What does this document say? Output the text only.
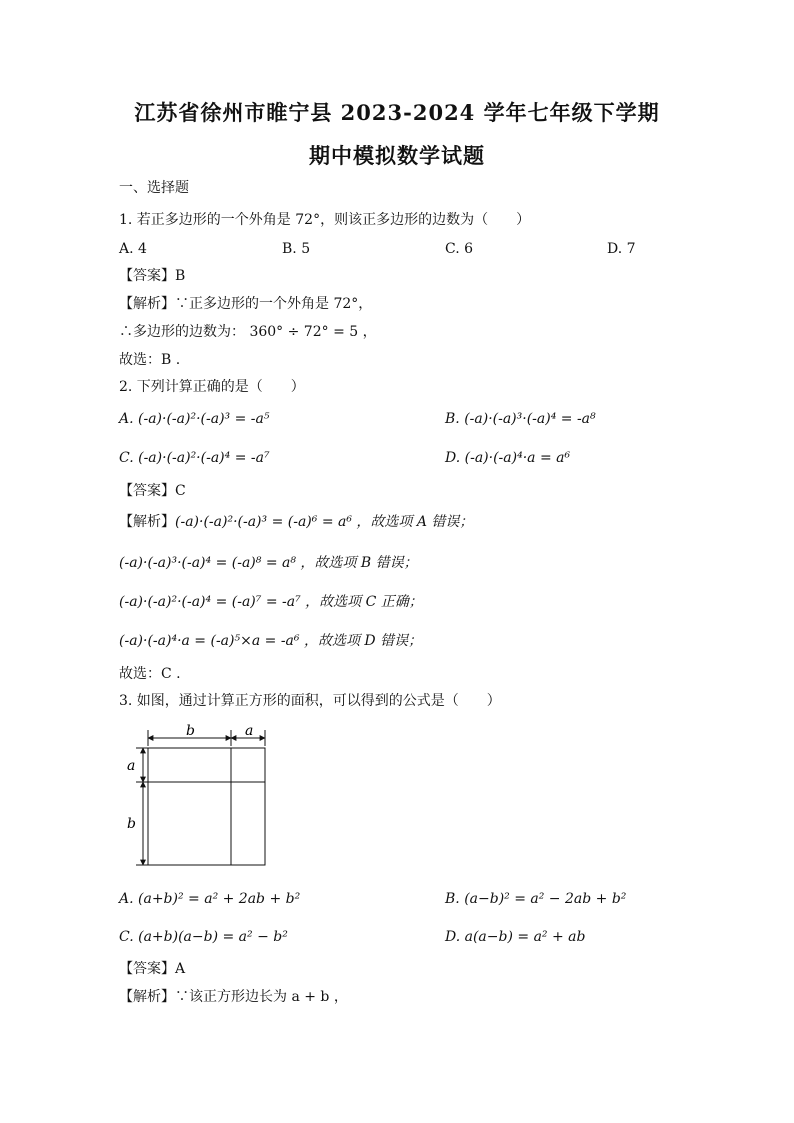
江苏省徐州市睢宁县 2023-2024 学年七年级下学期
期中模拟数学试题
一、选择题
1. 若正多边形的一个外角是 72°，则该正多边形的边数为（　　）
A. 4	B. 5	C. 6	D. 7
【答案】B
【解析】∵正多边形的一个外角是 72°，
∴多边形的边数为： 360° ÷ 72° = 5 ，
故选：B .
2. 下列计算正确的是（　　）
A. (-a)·(-a)²·(-a)³ = -a⁵	B. (-a)·(-a)³·(-a)⁴ = -a⁸
C. (-a)·(-a)²·(-a)⁴ = -a⁷	D. (-a)·(-a)⁴·a = a⁶
【答案】C
【解析】(-a)·(-a)²·(-a)³ = (-a)⁶ = a⁶ ，故选项 A 错误；
(-a)·(-a)³·(-a)⁴ = (-a)⁸ = a⁸ ，故选项 B 错误；
(-a)·(-a)²·(-a)⁴ = (-a)⁷ = -a⁷ ，故选项 C 正确；
(-a)·(-a)⁴·a = (-a)⁵×a = -a⁶ ，故选项 D 错误；
故选：C .
3. 如图，通过计算正方形的面积，可以得到的公式是（　　）
b	a
a
b
A. (a+b)² = a² + 2ab + b²	B. (a−b)² = a² − 2ab + b²
C. (a+b)(a−b) = a² − b²	D. a(a−b) = a² + ab
【答案】A
【解析】∵该正方形边长为 a + b ，
